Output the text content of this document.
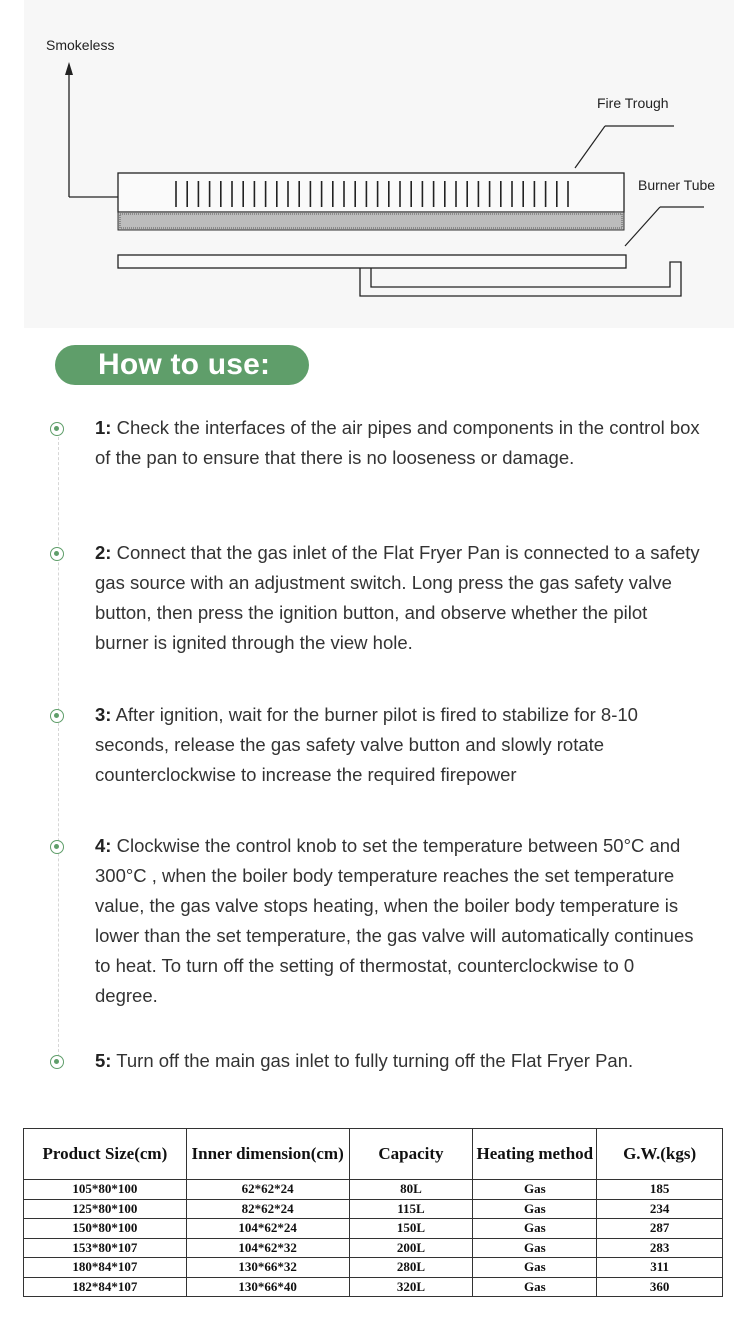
Smokeless
Fire Trough
Burner Tube
How to use:
1: Check the interfaces of the air pipes and components in the control box of the pan to ensure that there is no looseness or damage.
2: Connect that the gas inlet of the Flat Fryer Pan is connected to a safety gas source with an adjustment switch. Long press the gas safety valve button, then press the ignition button, and observe whether the pilot burner is ignited through the view hole.
3: After ignition, wait for the burner pilot is fired to stabilize for 8-10 seconds, release the gas safety valve button and slowly rotate counterclockwise to increase the required firepower
4: Clockwise the control knob to set the temperature between 50°C and 300°C , when the boiler body temperature reaches the set temperature value, the gas valve stops heating, when the boiler body temperature is lower than the set temperature, the gas valve will automatically continues to heat. To turn off the setting of thermostat, counterclockwise to 0 degree.
5: Turn off the main gas inlet to fully turning off the Flat Fryer Pan.
Product Size(cm)	Inner dimension(cm)	Capacity	Heating method	G.W.(kgs)
105*80*100	62*62*24	80L	Gas	185
125*80*100	82*62*24	115L	Gas	234
150*80*100	104*62*24	150L	Gas	287
153*80*107	104*62*32	200L	Gas	283
180*84*107	130*66*32	280L	Gas	311
182*84*107	130*66*40	320L	Gas	360
